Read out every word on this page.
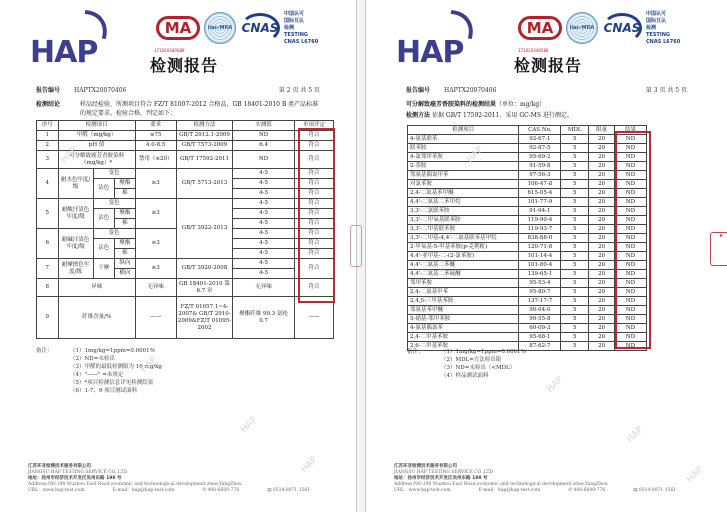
HAP
MA	ilac-MRA CNAS
中国认可
国际互认
检测
TESTING
CNAS L6760
171020340588
检测报告
报告编号 HAPTX20070406	第 2 页 共 5 页
检测结论	样品经检验，所测项目符合 FZ/T 81007-2012 合格品，GB 18401-2010 B 类产品标准的规定要求，检验合格，判定如下：
序号	检测项目			要求	检测方法	实测值	单项评定
1	甲醛（mg/kg）			≤75	GB/T 2912.1-2009	ND	符合
2	pH 值			4.0-8.5	GB/T 7573-2009	6.4	符合
3	可分解致癌芳香胺染料（mg/kg）*			禁用（≤20）	GB/T 17592-2011	ND	符合
4	耐水色牢度/级	变色		≥3	GB/T 5713-2013	4-5	符合
		沾色	聚酯			4-5	符合
			棉			4-5	符合
5	耐酸汗渍色牢度/级	变色		≥3	GB/T 3922-2013	4-5	符合
		沾色	聚酯			4-5	符合
			棉			4-5	符合
6	耐碱汗渍色牢度/级	变色		≥3		4-5	符合
		沾色	聚酯			4-5	符合
			棉			4-5	符合
7	耐摩擦色牢度/级	干摩	纵向	≥3	GB/T 3920-2008	4-5	符合
			横向			4-5	
8	异味			无异味	GB 18401-2010 第 6.7 章	无异味	符合
9	纤维含量/%			——	FZ/T 01057.1~4-2007& GB/T 2910-2009&FZ/T 01095-2002	聚酯纤维 99.3 氨纶 0.7	——
备注：	（1）1mg/kg=1ppm=0.0001%
（2）ND=未检出
（3）甲醛的最低检测限为 16 mg/kg
（4）"——" =未规定
（5）*项目检测信息详见检测结果
（6）1-7、9 项目测试面料
江苏环亚检测技术服务有限公司
JIANGSU HAP TESTING SERVICE CO.,LTD
地址：扬州市经济技术开发区吴州东路 198 号
Address:NO.198 Wuzhou East Road,economic and technological development zone,YangZhou
URL：www.hap-test.com	E-mail：hap@hap-test.com	✆ 400-6600-776	▤ 0514-8971 1561
HAP
HAP
HAP
HAP
HAP
MA	ilac-MRA CNAS
中国认可
国际互认
检测
TESTING
CNAS L6760
171020340588
检测报告
报告编号 HAPTX20070406	第 3 页 共 5 页
可分解致癌芳香胺染料的检测结果（单位：mg/kg）
检测方法 依据 GB/T 17592-2011，采用 GC-MS 进行测定。
检测项目	CAS No.	MDL	限量	结果
4-氨基联苯	92-67-1	5	20	ND
联苯胺	92-87-5	5	20	ND
4-氯邻甲苯胺	95-69-2	5	20	ND
2-萘胺	91-59-8	5	20	ND
邻氨基偶氮甲苯	97-56-3	5	20	ND
对氯苯胺	106-47-8	5	20	ND
2,4-二氨基苯甲醚	615-05-4	5	20	ND
4,4'-二氨基二苯甲烷	101-77-9	5	20	ND
3,3'-二氯联苯胺	91-94-1	5	20	ND
3,3'-二甲氧基联苯胺	119-90-4	5	20	ND
3,3'-二甲基联苯胺	119-93-7	5	20	ND
3,3'-二甲基-4,4'-二氨基联苯基甲烷	838-88-0	5	20	ND
2-甲氧基-5-甲基苯胺(p-克利酊)	120-71-8	5	20	ND
4,4'-亚甲基-二-(2-氯苯胺)	101-14-4	5	20	ND
4,4'-二氨基二苯醚	101-80-4	5	20	ND
4,4'-二氨基二苯硫醚	139-65-1	5	20	ND
邻甲苯胺	95-53-4	5	20	ND
2,4-二氨基甲苯	95-80-7	5	20	ND
2,4,5-三甲基苯胺	137-17-7	5	20	ND
邻氨基苯甲醚	90-04-0	5	20	ND
5-硝基-邻甲苯胺	99-55-8	5	20	ND
4-氨基偶氮苯	60-09-3	5	20	ND
2,4-二甲基苯胺	95-68-1	5	20	ND
2,6-二甲基苯胺	87-62-7	5	20	ND
备注：	（1）1mg/kg=1ppm=0.0001%
（2）MDL=方法检出限
（3）ND=未检出（<MDL）
（4）样品测试面料
江苏环亚检测技术服务有限公司
JIANGSU HAP TESTING SERVICE CO.,LTD
地址：扬州市经济技术开发区吴州东路 198 号
Address:NO.198 Wuzhou East Road,economic and technological development zone,YangZhou
URL：www.hap-test.com	E-mail：hap@hap-test.com	✆ 400-6600-776	▤ 0514-8971 1561
★
HAP
HAP
HAP
HAP
